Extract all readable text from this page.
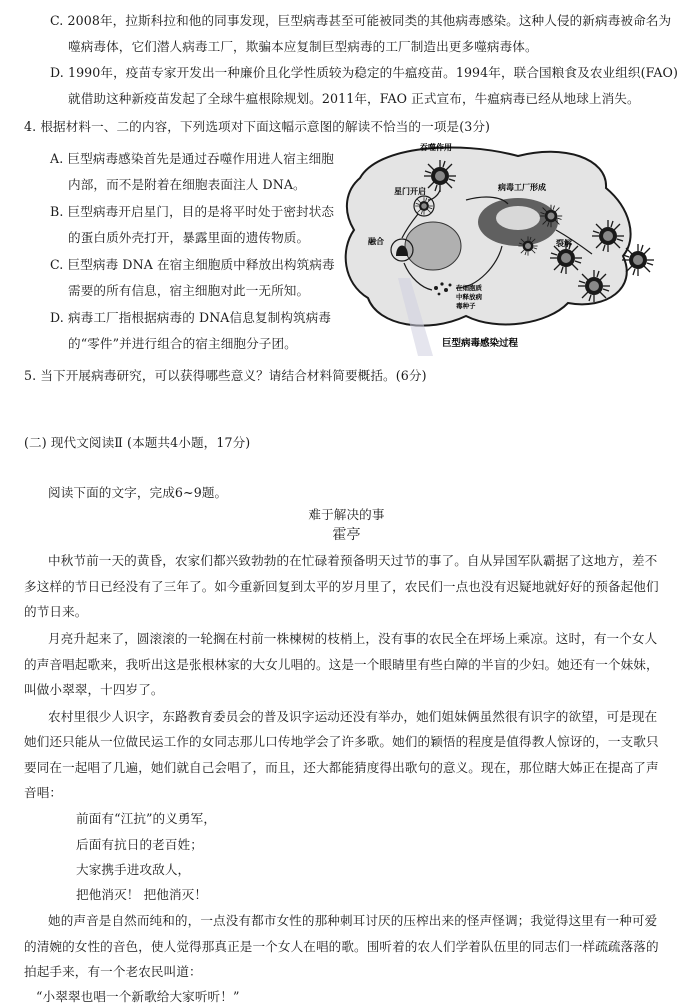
C. 2008年，拉斯科拉和他的同事发现，巨型病毒甚至可能被同类的其他病毒感染。这种人侵的新病毒被命名为
噬病毒体，它们潜人病毒工厂，欺骗本应复制巨型病毒的工厂制造出更多噬病毒体。
D. 1990年，疫苗专家开发出一种廉价且化学性质较为稳定的牛瘟疫苗。1994年，联合国粮食及农业组织(FAO)
就借助这种新疫苗发起了全球牛瘟根除规划。2011年，FAO 正式宣布，牛瘟病毒已经从地球上消失。
4. 根据材料一、二的内容，下列选项对下面这幅示意图的解读不恰当的一项是(3分)
A. 巨型病毒感染首先是通过吞噬作用进人宿主细胞
内部，而不是附着在细胞表面注人 DNA。
B. 巨型病毒开启星门，目的是将平时处于密封状态
的蛋白质外壳打开，暴露里面的遗传物质。
C. 巨型病毒 DNA 在宿主细胞质中释放出构筑病毒
需要的所有信息，宿主细胞对此一无所知。
D. 病毒工厂指根据病毒的 DNA信息复制构筑病毒
的“零件”并进行组合的宿主细胞分子团。
吞噬作用
星门开启	病毒工厂形成
融合	裂解
在细胞质
中释放病
毒种子
巨型病毒感染过程
5. 当下开展病毒研究，可以获得哪些意义？请结合材料简要概括。(6分)
(二) 现代文阅读Ⅱ (本题共4小题，17分)
阅读下面的文字，完成6~9题。
难于解决的事
霍亭
中秋节前一天的黄昏，农家们都兴致勃勃的在忙碌着预备明天过节的事了。自从异国军队霸据了这地方，差不
多这样的节日已经没有了三年了。如今重新回复到太平的岁月里了，农民们一点也没有迟疑地就好好的预备起他们
的节日来。
月亮升起来了，圆滚滚的一轮搁在村前一株楝树的枝梢上，没有事的农民全在坪场上乘凉。这时，有一个女人
的声音唱起歌来，我听出这是张根林家的大女儿唱的。这是一个眼睛里有些白障的半盲的少妇。她还有一个妹妹，
叫做小翠翠，十四岁了。
农村里很少人识字，东路教育委员会的普及识字运动还没有举办，她们姐妹俩虽然很有识字的欲望，可是现在
她们还只能从一位做民运工作的女同志那儿口传地学会了许多歌。她们的颖悟的程度是值得教人惊讶的，一支歌只
要同在一起唱了几遍，她们就自己会唱了，而且，还大都能猜度得出歌句的意义。现在，那位瞎大姊正在提高了声
音唱：
前面有“江抗”的义勇军，
后面有抗日的老百姓；
大家携手进攻敌人，
把他消灭！ 把他消灭！
她的声音是自然而纯和的，一点没有都市女性的那种刺耳讨厌的压榨出来的怪声怪调；我觉得这里有一种可爱
的清婉的女性的音色，使人觉得那真正是一个女人在唱的歌。围听着的农人们学着队伍里的同志们一样疏疏落落的
拍起手来，有一个老农民叫道：
“小翠翠也唱一个新歌给大家听听！”
